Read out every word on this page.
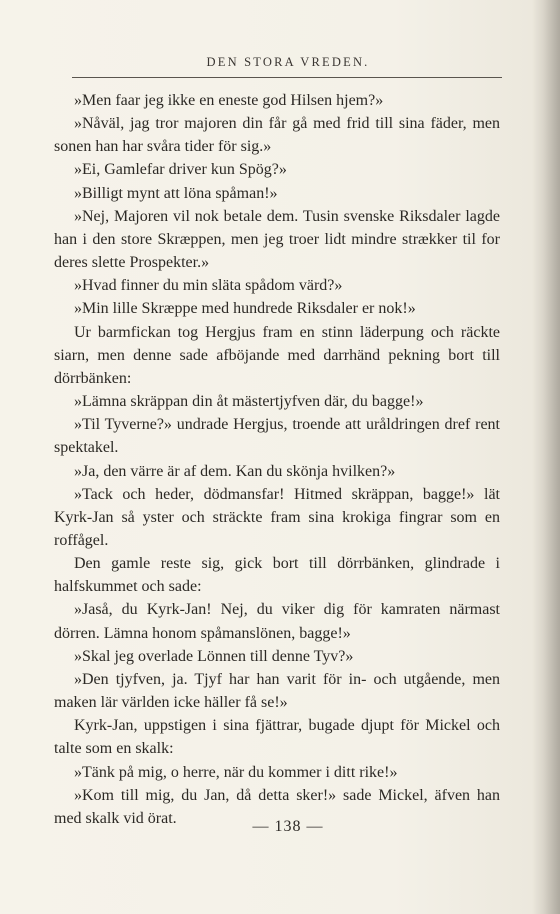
DEN STORA VREDEN.

»Men faar jeg ikke en eneste god Hilsen hjem?»

»Nåväl, jag tror majoren din får gå med frid till sina fäder, men sonen han har svåra tider för sig.»

»Ei, Gamlefar driver kun Spög?»

»Billigt mynt att löna spåman!»

»Nej, Majoren vil nok betale dem. Tusin svenske Riksdaler lagde han i den store Skræppen, men jeg troer lidt mindre strækker til for deres slette Prospekter.»

»Hvad finner du min släta spådom värd?»

»Min lille Skræppe med hundrede Riksdaler er nok!»

Ur barmfickan tog Hergjus fram en stinn läderpung och räckte siarn, men denne sade afböjande med darrhänd pekning bort till dörrbänken:

»Lämna skräppan din åt mästertjyfven där, du bagge!»

»Til Tyverne?» undrade Hergjus, troende att uråldringen dref rent spektakel.

»Ja, den värre är af dem. Kan du skönja hvilken?»

»Tack och heder, dödmansfar! Hitmed skräppan, bagge!» lät Kyrk-Jan så yster och sträckte fram sina krokiga fingrar som en roffågel.

Den gamle reste sig, gick bort till dörrbänken, glindrade i halfskummet och sade:

»Jaså, du Kyrk-Jan! Nej, du viker dig för kamraten närmast dörren. Lämna honom spåmanslönen, bagge!»

»Skal jeg overlade Lönnen till denne Tyv?»

»Den tjyfven, ja. Tjyf har han varit för in- och utgående, men maken lär världen icke häller få se!»

Kyrk-Jan, uppstigen i sina fjättrar, bugade djupt för Mickel och talte som en skalk:

»Tänk på mig, o herre, när du kommer i ditt rike!»

»Kom till mig, du Jan, då detta sker!» sade Mickel, äfven han med skalk vid örat.	— 138 —
